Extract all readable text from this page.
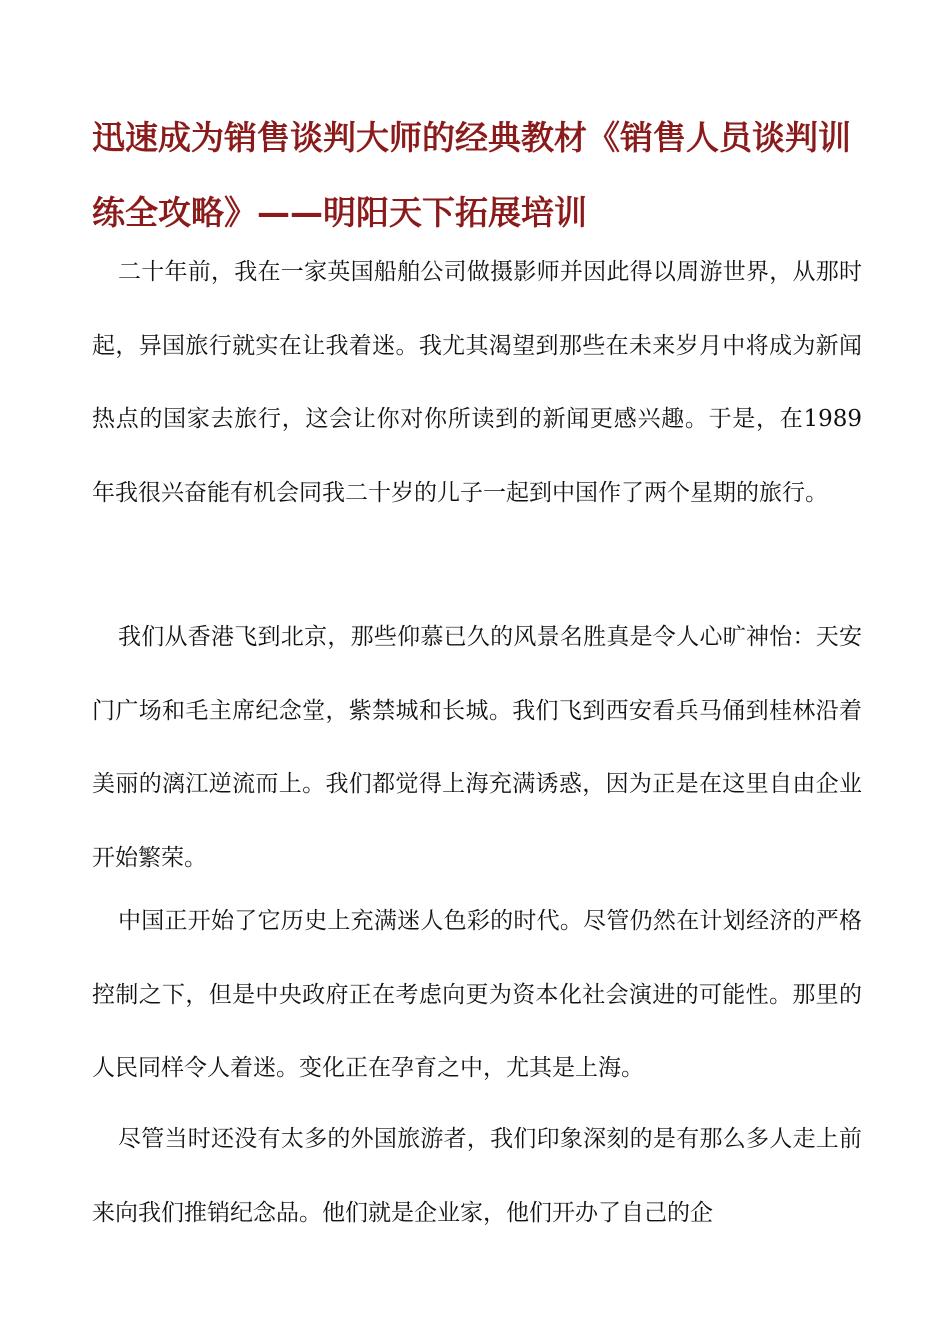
迅速成为销售谈判大师的经典教材《销售人员谈判训练全攻略》——明阳天下拓展培训

二十年前，我在一家英国船舶公司做摄影师并因此得以周游世界，从那时起，异国旅行就实在让我着迷。我尤其渴望到那些在未来岁月中将成为新闻热点的国家去旅行，这会让你对你所读到的新闻更感兴趣。于是，在1989年我很兴奋能有机会同我二十岁的儿子一起到中国作了两个星期的旅行。

我们从香港飞到北京，那些仰慕已久的风景名胜真是令人心旷神怡：天安门广场和毛主席纪念堂，紫禁城和长城。我们飞到西安看兵马俑到桂林沿着美丽的漓江逆流而上。我们都觉得上海充满诱惑，因为正是在这里自由企业开始繁荣。

中国正开始了它历史上充满迷人色彩的时代。尽管仍然在计划经济的严格控制之下，但是中央政府正在考虑向更为资本化社会演进的可能性。那里的人民同样令人着迷。变化正在孕育之中，尤其是上海。

尽管当时还没有太多的外国旅游者，我们印象深刻的是有那么多人走上前来向我们推销纪念品。他们就是企业家，他们开办了自己的企
